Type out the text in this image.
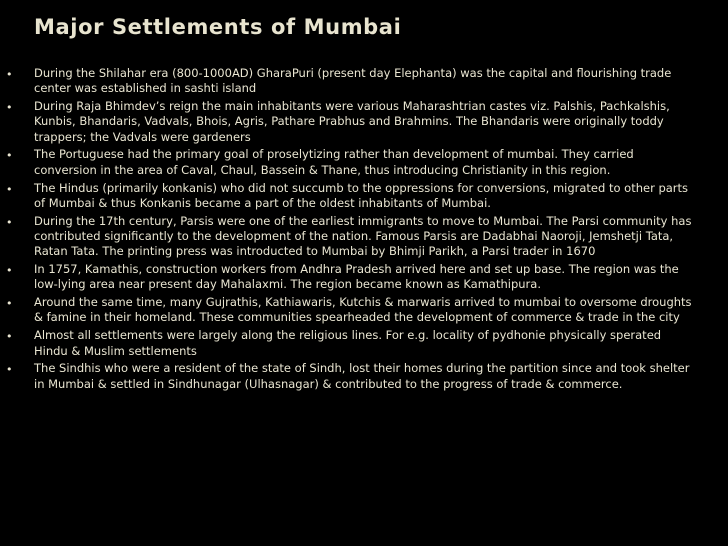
Major Settlements of Mumbai
• During the Shilahar era (800-1000AD) GharaPuri (present day Elephanta) was the capital and flourishing trade center was established in sashti island
• During Raja Bhimdev’s reign the main inhabitants were various Maharashtrian castes viz. Palshis, Pachkalshis, Kunbis, Bhandaris, Vadvals, Bhois, Agris, Pathare Prabhus and Brahmins. The Bhandaris were originally toddy trappers; the Vadvals were gardeners
• The Portuguese had the primary goal of proselytizing rather than development of mumbai. They carried conversion in the area of Caval, Chaul, Bassein & Thane, thus introducing Christianity in this region.
• The Hindus (primarily konkanis) who did not succumb to the oppressions for conversions, migrated to other parts of Mumbai & thus Konkanis became a part of the oldest inhabitants of Mumbai.
• During the 17th century, Parsis were one of the earliest immigrants to move to Mumbai. The Parsi community has contributed significantly to the development of the nation. Famous Parsis are Dadabhai Naoroji, Jemshetji Tata, Ratan Tata. The printing press was introducted to Mumbai by Bhimji Parikh, a Parsi trader in 1670
• In 1757, Kamathis, construction workers from Andhra Pradesh arrived here and set up base. The region was the low-lying area near present day Mahalaxmi. The region became known as Kamathipura.
• Around the same time, many Gujrathis, Kathiawaris, Kutchis & marwaris arrived to mumbai to oversome droughts & famine in their homeland. These communities spearheaded the development of commerce & trade in the city
• Almost all settlements were largely along the religious lines. For e.g. locality of pydhonie physically sperated Hindu & Muslim settlements
• The Sindhis who were a resident of the state of Sindh, lost their homes during the partition since and took shelter in Mumbai & settled in Sindhunagar (Ulhasnagar) & contributed to the progress of trade & commerce.
